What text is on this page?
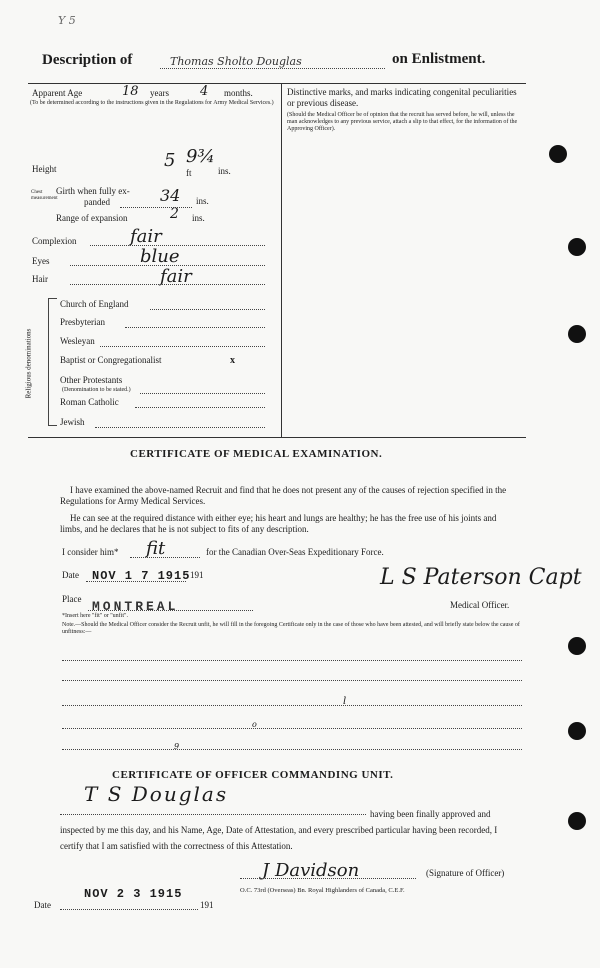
Y 5
Description of	Thomas Sholto Douglas	on Enlistment.
Apparent Age	18 years 4 months.
(To be determined according to the instructions given in the Regulations for Army Medical Services.)
Height	5 9¾
ft	ins.
Chest measurement
Girth when fully ex-
panded	34 ins.
Range of expansion	2 ins.
Complexion	fair
Eyes	blue
Hair	fair
Religious denominations
Church of England
Presbyterian
Wesleyan
Baptist or Congregationalist	x
Other Protestants
(Denomination to be stated.)
Roman Catholic
Jewish
Distinctive marks, and marks indicating congenital peculiarities or previous disease.
(Should the Medical Officer be of opinion that the recruit has served before, he will, unless the man acknowledges to any previous service, attach a slip to that effect, for the information of the Approving Officer).
CERTIFICATE OF MEDICAL EXAMINATION.
I have examined the above-named Recruit and find that he does not present any of the causes of rejection specified in the Regulations for Army Medical Services.
He can see at the required distance with either eye; his heart and lungs are healthy; he has the free use of his joints and limbs, and he declares that he is not subject to fits of any description.
I consider him* fit	for the Canadian Over-Seas Expeditionary Force.
Date NOV 1 7 1915 191
Place MONTREAL
*Insert here "fit" or "unfit".
L S Paterson Capt
Medical Officer.
Note.—Should the Medical Officer consider the Recruit unfit, he will fill in the foregoing Certificate only in the case of those who have been attested, and will briefly state below the cause of unfitness:—
l
o
9
CERTIFICATE OF OFFICER COMMANDING UNIT.
T S Douglas
having been finally approved and inspected by me this day, and his Name, Age, Date of Attestation, and every prescribed particular having been recorded, I certify that I am satisfied with the correctness of this Attestation.
J Davidson	(Signature of Officer)
O.C. 73rd (Overseas) Bn. Royal Highlanders of Canada, C.E.F.
NOV 2 3 1915
Date	191
